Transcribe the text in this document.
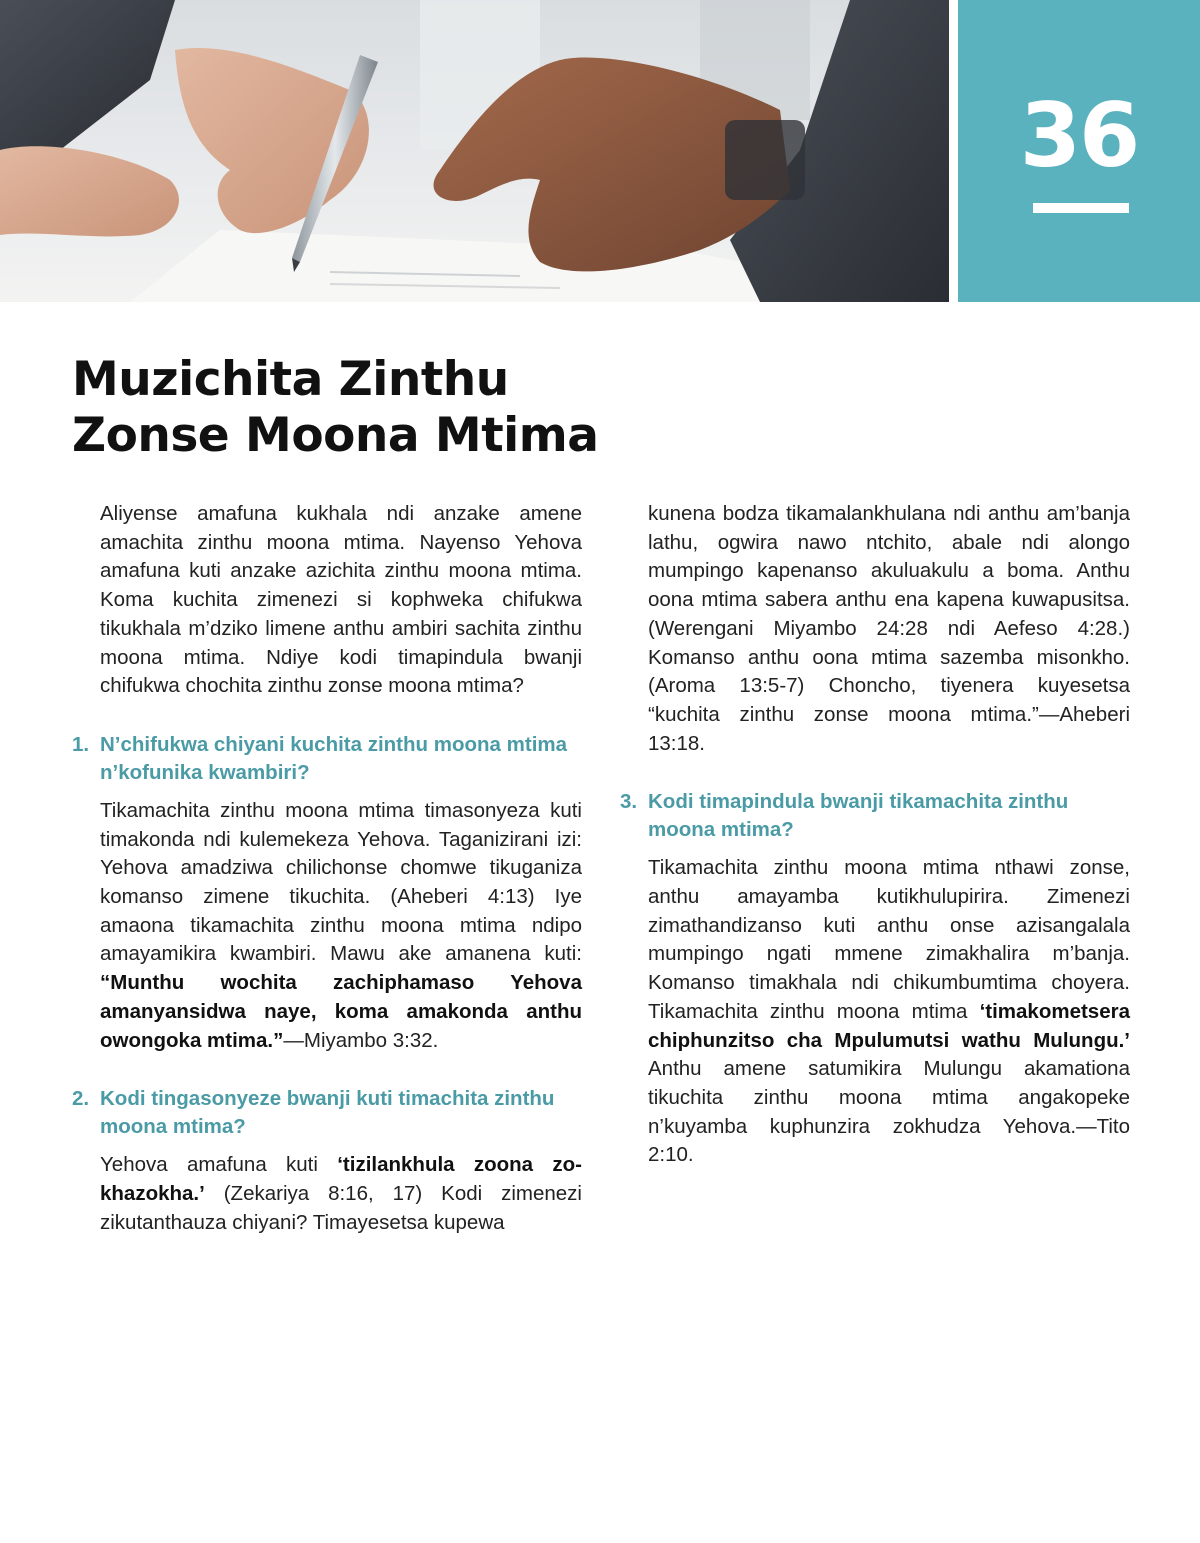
36
Muzichita Zinthu
Zonse Moona Mtima

Aliyense amafuna kukhala ndi anzake amene amachita zinthu moona mtima. Nayenso Yehova amafuna kuti anzake azichita zinthu moona mtima. Koma kuchita zimenezi si kophweka chifukwa tikukhala m’dziko limene anthu ambiri sachita zinthu moona mtima. Ndiye kodi timapindula bwanji chifukwa chochita zinthu zonse moona mtima?

1. N’chifukwa chiyani kuchita zinthu moona mtima n’kofunika kwambiri?

Tikamachita zinthu moona mtima timasonyeza kuti timakonda ndi kulemekeza Yehova. Taganizirani izi: Yehova amadziwa chilichonse chomwe tikuganiza komanso zimene tikuchita. (Aheberi 4:13) Iye amaona tikamachita zinthu moona mtima ndipo amayamikira kwambiri. Mawu ake amanena kuti: “Munthu wochita zachiphamaso Yehova amanyansidwa naye, koma amakonda anthu owongoka mtima.”—Miyambo 3:32.

2. Kodi tingasonyeze bwanji kuti timachita zinthu moona mtima?

Yehova amafuna kuti ‘tizilankhula zoona zokhazokha.’ (Zekariya 8:16, 17) Kodi zimenezi zikutanthauza chiyani? Timayesetsa kupewa

kunena bodza tikamalankhulana ndi anthu am’banja lathu, ogwira nawo ntchito, abale ndi alongo mumpingo kapenanso akuluakulu a boma. Anthu oona mtima sabera anthu ena kapena kuwapusitsa. (Werengani Miyambo 24:28 ndi Aefeso 4:28.) Komanso anthu oona mtima sazemba misonkho. (Aroma 13:5-7) Choncho, tiyenera kuyesetsa “kuchita zinthu zonse moona mtima.”—Aheberi 13:18.

3. Kodi timapindula bwanji tikamachita zinthu moona mtima?

Tikamachita zinthu moona mtima nthawi zonse, anthu amayamba kutikhulupirira. Zimenezi zimathandizanso kuti anthu onse azisangalala mumpingo ngati mmene zimakhalira m’banja. Komanso timakhala ndi chikumbumtima choyera. Tikamachita zinthu moona mtima ‘timakometsera chiphunzitso cha Mpulumutsi wathu Mulungu.’ Anthu amene satumikira Mulungu akamationa tikuchita zinthu moona mtima angakopeke n’kuyamba kuphunzira zokhudza Yehova.—Tito 2:10.
